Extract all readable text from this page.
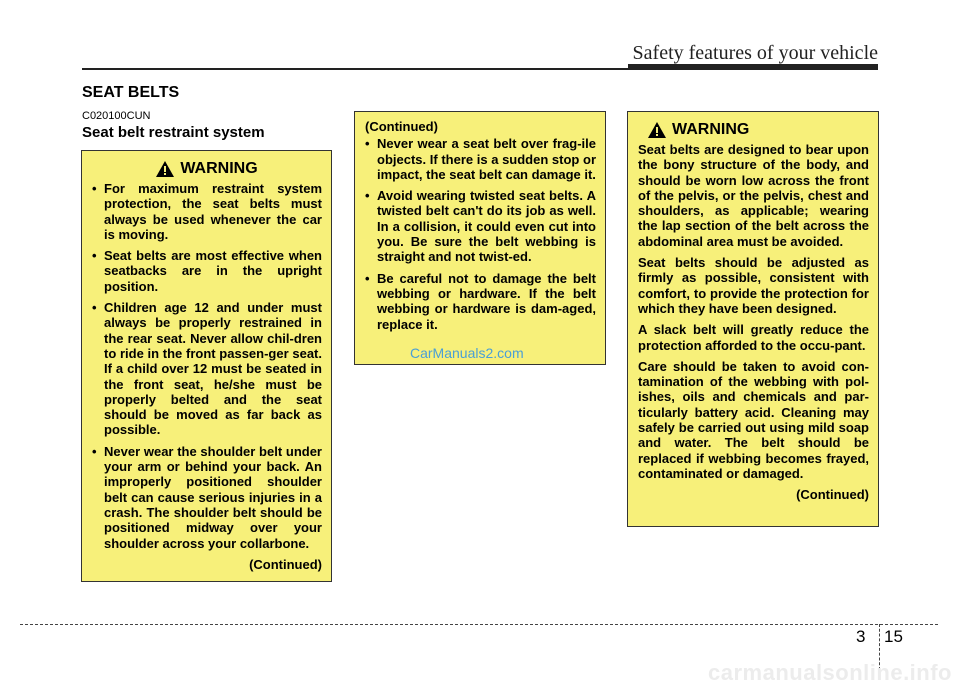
Safety features of your vehicle
SEAT BELTS
C020100CUN
Seat belt restraint system
WARNING
• For maximum restraint system protection, the seat belts must always be used whenever the car is moving.
• Seat belts are most effective when seatbacks are in the upright position.
• Children age 12 and under must always be properly restrained in the rear seat. Never allow chil-dren to ride in the front passen-ger seat. If a child over 12 must be seated in the front seat, he/she must be properly belted and the seat should be moved as far back as possible.
• Never wear the shoulder belt under your arm or behind your back. An improperly positioned shoulder belt can cause serious injuries in a crash. The shoulder belt should be positioned midway over your shoulder across your collarbone.
(Continued)
(Continued)
• Never wear a seat belt over frag-ile objects. If there is a sudden stop or impact, the seat belt can damage it.
• Avoid wearing twisted seat belts. A twisted belt can't do its job as well. In a collision, it could even cut into you. Be sure the belt webbing is straight and not twist-ed.
• Be careful not to damage the belt webbing or hardware. If the belt webbing or hardware is dam-aged, replace it.
CarManuals2.com
WARNING

Seat belts are designed to bear upon the bony structure of the body, and should be worn low across the front of the pelvis, or the pelvis, chest and shoulders, as applicable; wearing the lap section of the belt across the abdominal area must be avoided.

Seat belts should be adjusted as firmly as possible, consistent with comfort, to provide the protection for which they have been designed.

A slack belt will greatly reduce the protection afforded to the occu-pant.

Care should be taken to avoid con-tamination of the webbing with pol-ishes, oils and chemicals and par-ticularly battery acid. Cleaning may safely be carried out using mild soap and water. The belt should be replaced if webbing becomes frayed, contaminated or damaged.

(Continued)
3 15
carmanualsonline.info
